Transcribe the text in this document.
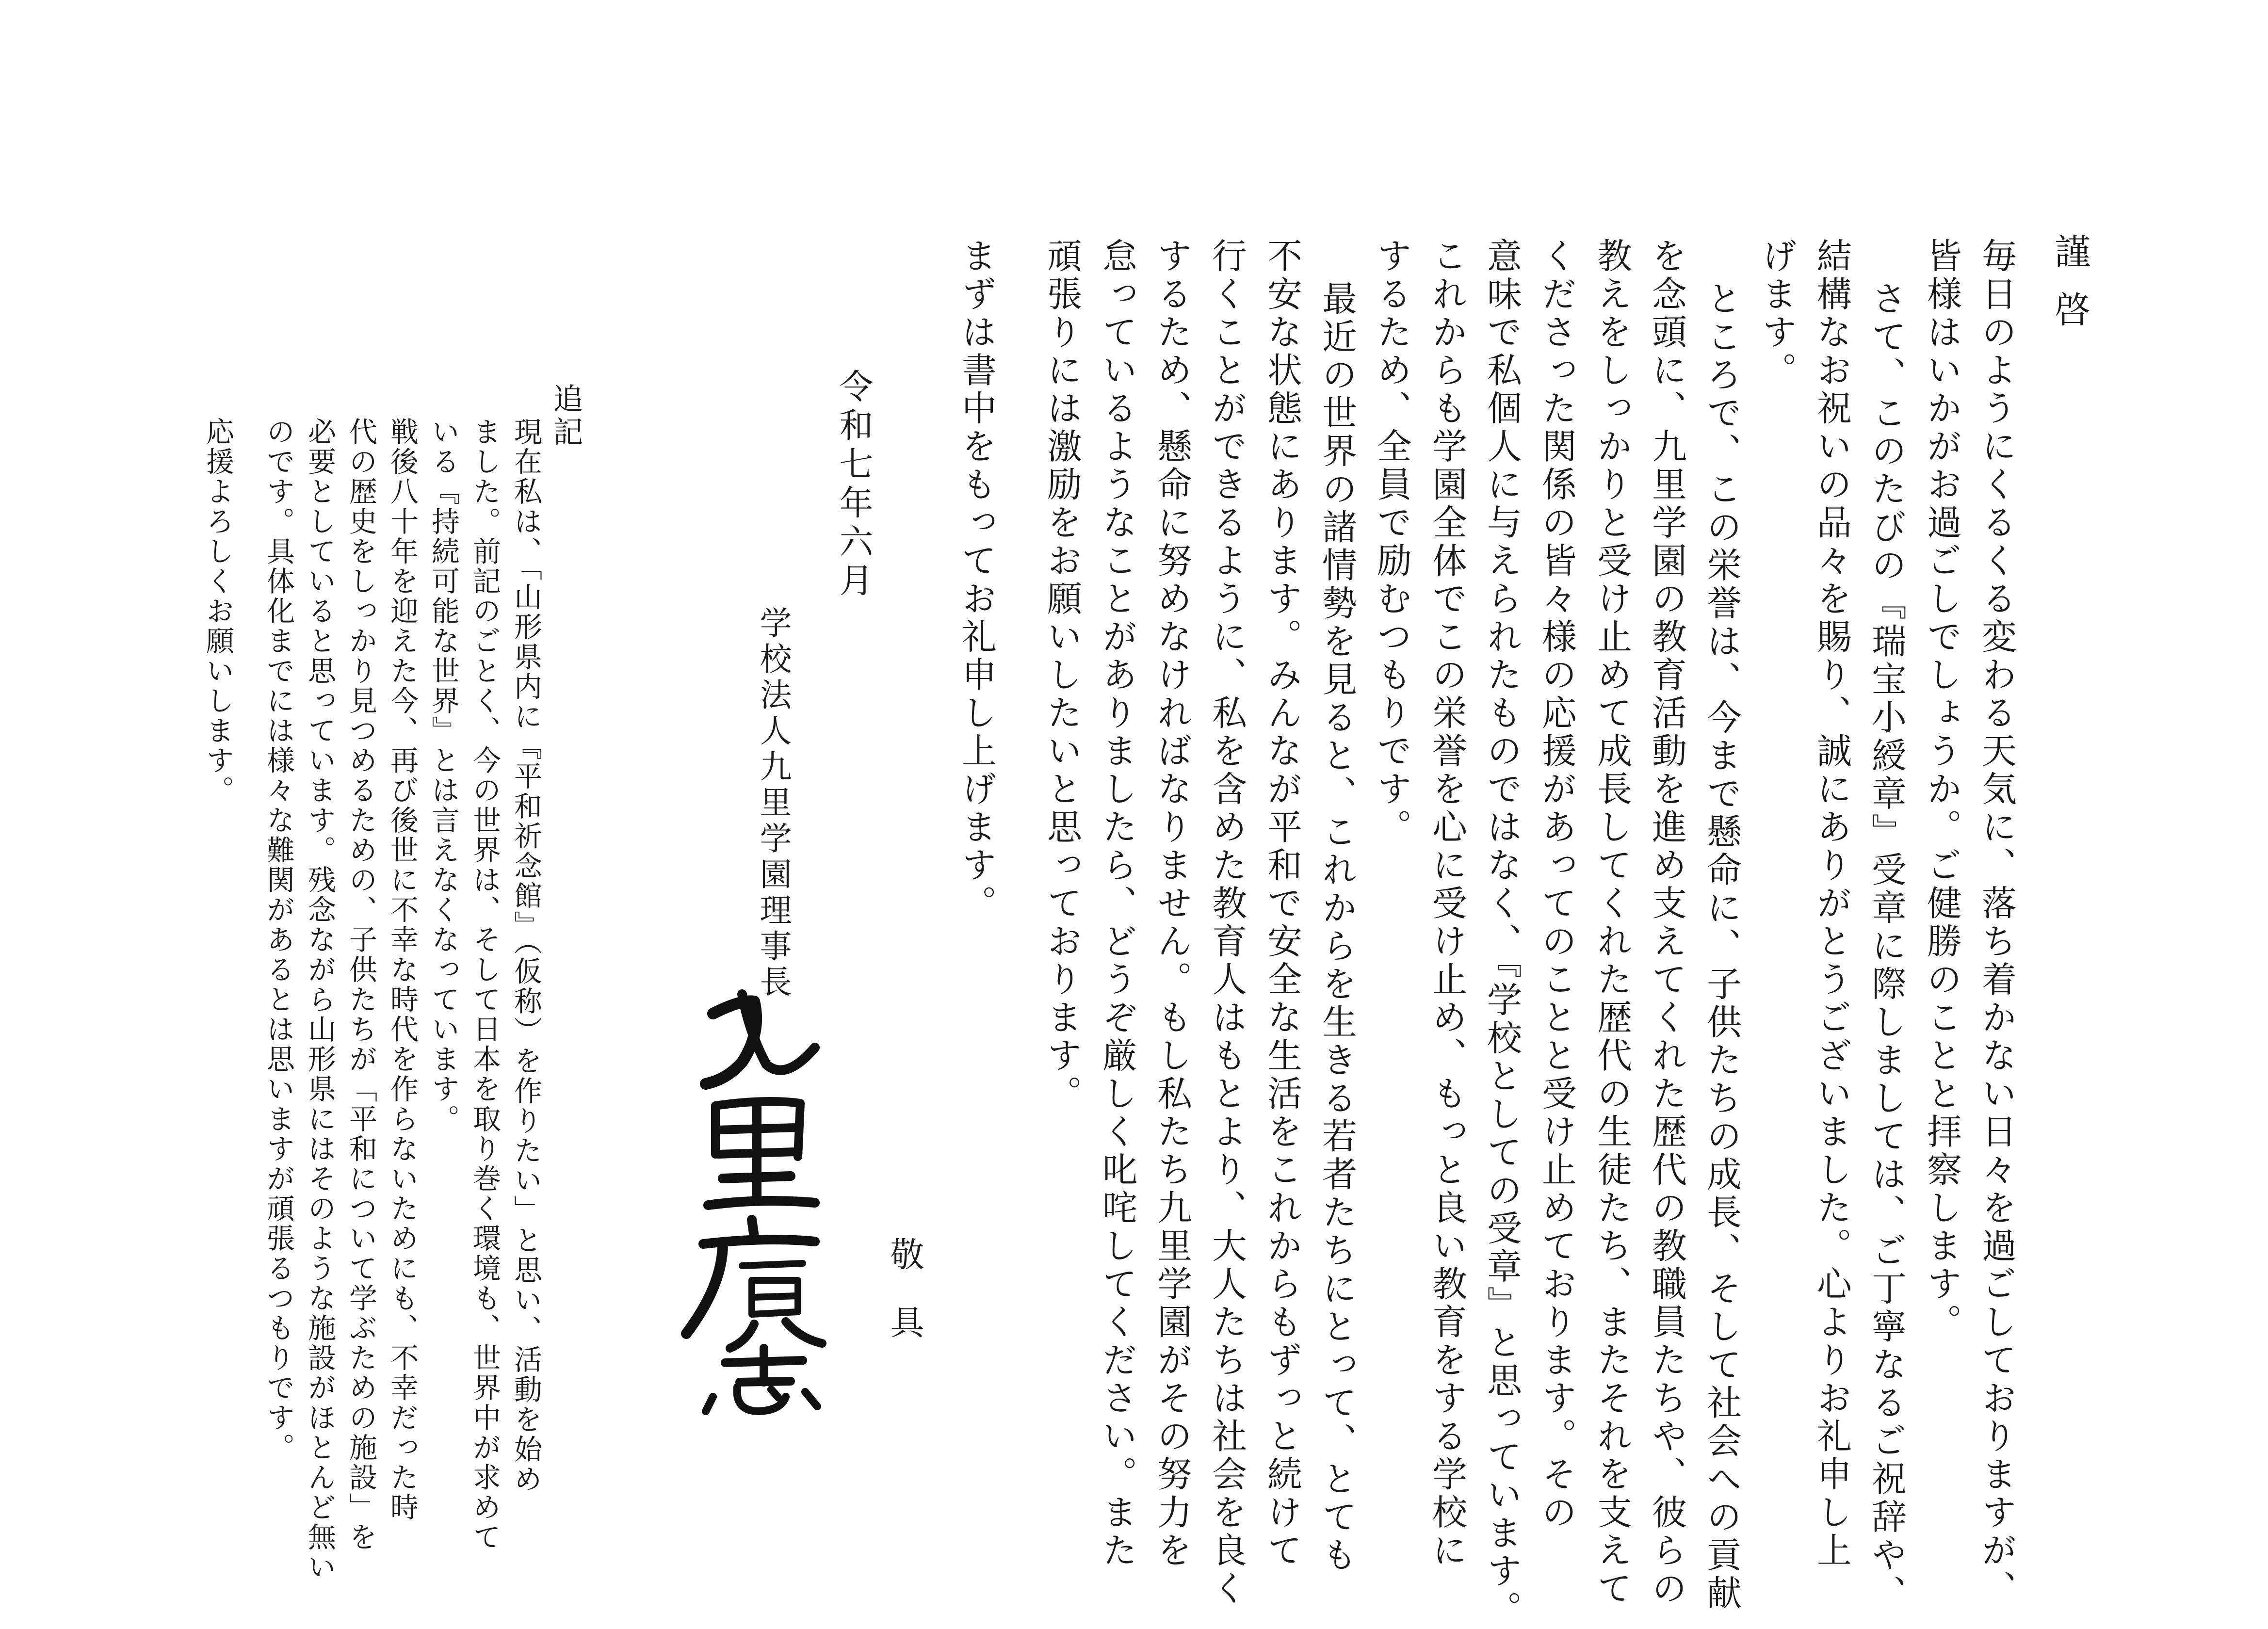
謹啓
毎日のようにくるくる変わる天気に、落ち着かない日々を過ごしておりますが、
皆様はいかがお過ごしでしょうか。ご健勝のことと拝察します。
さて、このたびの『瑞宝小綬章』受章に際しましては、ご丁寧なるご祝辞や、
結構なお祝いの品々を賜り、誠にありがとうございました。心よりお礼申し上
げます。
ところで、この栄誉は、今まで懸命に、子供たちの成長、そして社会への貢献
を念頭に、九里学園の教育活動を進め支えてくれた歴代の教職員たちや、彼らの
教えをしっかりと受け止めて成長してくれた歴代の生徒たち、またそれを支えて
くださった関係の皆々様の応援があってのことと受け止めております。その
意味で私個人に与えられたものではなく、『学校としての受章』と思っています。
これからも学園全体でこの栄誉を心に受け止め、もっと良い教育をする学校に
するため、全員で励むつもりです。
最近の世界の諸情勢を見ると、これからを生きる若者たちにとって、とても
不安な状態にあります。みんなが平和で安全な生活をこれからもずっと続けて
行くことができるように、私を含めた教育人はもとより、大人たちは社会を良く
するため、懸命に努めなければなりません。もし私たち九里学園がその努力を
怠っているようなことがありましたら、どうぞ厳しく叱咤してください。また
頑張りには激励をお願いしたいと思っております。
まずは書中をもってお礼申し上げます。
敬具
令和七年六月
学校法人九里学園理事長
追記
現在私は、「山形県内に『平和祈念館』（仮称）を作りたい」と思い、活動を始め
ました。前記のごとく、今の世界は、そして日本を取り巻く環境も、世界中が求めて
いる『持続可能な世界』とは言えなくなっています。
戦後八十年を迎えた今、再び後世に不幸な時代を作らないためにも、不幸だった時
代の歴史をしっかり見つめるための、子供たちが「平和について学ぶための施設」を
必要としていると思っています。残念ながら山形県にはそのような施設がほとんど無い
のです。具体化までには様々な難関があるとは思いますが頑張るつもりです。
応援よろしくお願いします。
